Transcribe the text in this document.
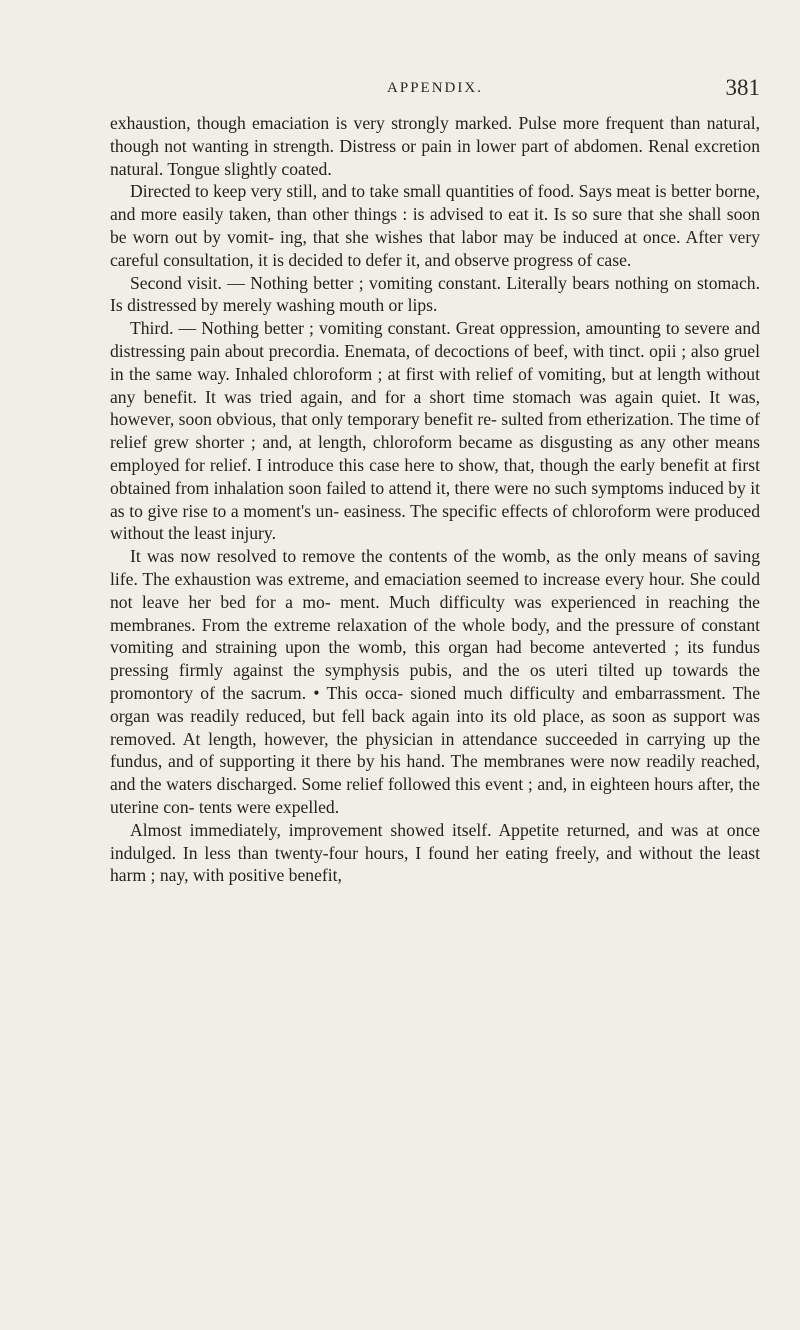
APPENDIX.	381

exhaustion, though emaciation is very strongly marked. Pulse more frequent than natural, though not wanting in strength. Distress or pain in lower part of abdomen. Renal excretion natural. Tongue slightly coated.

Directed to keep very still, and to take small quantities of food. Says meat is better borne, and more easily taken, than other things : is advised to eat it. Is so sure that she shall soon be worn out by vomit- ing, that she wishes that labor may be induced at once. After very careful consultation, it is decided to defer it, and observe progress of case.

Second visit. — Nothing better ; vomiting constant. Literally bears nothing on stomach. Is distressed by merely washing mouth or lips.

Third. — Nothing better ; vomiting constant. Great oppression, amounting to severe and distressing pain about precordia. Enemata, of decoctions of beef, with tinct. opii ; also gruel in the same way. Inhaled chloroform ; at first with relief of vomiting, but at length without any benefit. It was tried again, and for a short time stomach was again quiet. It was, however, soon obvious, that only temporary benefit re- sulted from etherization. The time of relief grew shorter ; and, at length, chloroform became as disgusting as any other means employed for relief. I introduce this case here to show, that, though the early benefit at first obtained from inhalation soon failed to attend it, there were no such symptoms induced by it as to give rise to a moment's un- easiness. The specific effects of chloroform were produced without the least injury.

It was now resolved to remove the contents of the womb, as the only means of saving life. The exhaustion was extreme, and emaciation seemed to increase every hour. She could not leave her bed for a mo- ment. Much difficulty was experienced in reaching the membranes. From the extreme relaxation of the whole body, and the pressure of constant vomiting and straining upon the womb, this organ had become anteverted ; its fundus pressing firmly against the symphysis pubis, and the os uteri tilted up towards the promontory of the sacrum. • This occa- sioned much difficulty and embarrassment. The organ was readily reduced, but fell back again into its old place, as soon as support was removed. At length, however, the physician in attendance succeeded in carrying up the fundus, and of supporting it there by his hand. The membranes were now readily reached, and the waters discharged. Some relief followed this event ; and, in eighteen hours after, the uterine con- tents were expelled.

Almost immediately, improvement showed itself. Appetite returned, and was at once indulged. In less than twenty-four hours, I found her eating freely, and without the least harm ; nay, with positive benefit,
